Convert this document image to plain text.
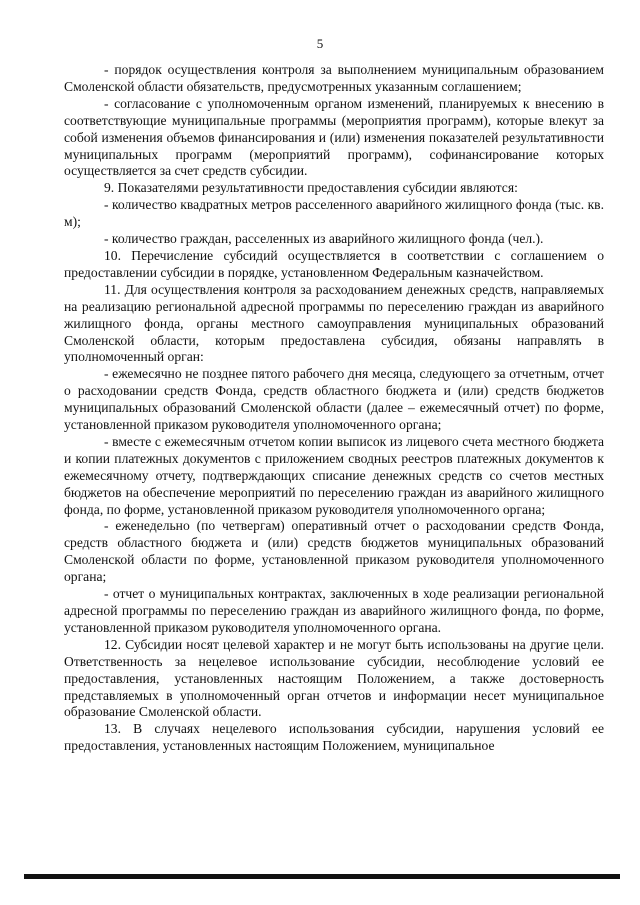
5

- порядок осуществления контроля за выполнением муниципальным образованием Смоленской области обязательств, предусмотренных указанным соглашением;

- согласование с уполномоченным органом изменений, планируемых к внесению в соответствующие муниципальные программы (мероприятия программ), которые влекут за собой изменения объемов финансирования и (или) изменения показателей результативности муниципальных программ (мероприятий программ), софинансирование которых осуществляется за счет средств субсидии.

9. Показателями результативности предоставления субсидии являются:

- количество квадратных метров расселенного аварийного жилищного фонда (тыс. кв. м);

- количество граждан, расселенных из аварийного жилищного фонда (чел.).

10. Перечисление субсидий осуществляется в соответствии с соглашением о предоставлении субсидии в порядке, установленном Федеральным казначейством.

11. Для осуществления контроля за расходованием денежных средств, направляемых на реализацию региональной адресной программы по переселению граждан из аварийного жилищного фонда, органы местного самоуправления муниципальных образований Смоленской области, которым предоставлена субсидия, обязаны направлять в уполномоченный орган:

- ежемесячно не позднее пятого рабочего дня месяца, следующего за отчетным, отчет о расходовании средств Фонда, средств областного бюджета и (или) средств бюджетов муниципальных образований Смоленской области (далее – ежемесячный отчет) по форме, установленной приказом руководителя уполномоченного органа;

- вместе с ежемесячным отчетом копии выписок из лицевого счета местного бюджета и копии платежных документов с приложением сводных реестров платежных документов к ежемесячному отчету, подтверждающих списание денежных средств со счетов местных бюджетов на обеспечение мероприятий по переселению граждан из аварийного жилищного фонда, по форме, установленной приказом руководителя уполномоченного органа;

- еженедельно (по четвергам) оперативный отчет о расходовании средств Фонда, средств областного бюджета и (или) средств бюджетов муниципальных образований Смоленской области по форме, установленной приказом руководителя уполномоченного органа;

- отчет о муниципальных контрактах, заключенных в ходе реализации региональной адресной программы по переселению граждан из аварийного жилищного фонда, по форме, установленной приказом руководителя уполномоченного органа.

12. Субсидии носят целевой характер и не могут быть использованы на другие цели. Ответственность за нецелевое использование субсидии, несоблюдение условий ее предоставления, установленных настоящим Положением, а также достоверность представляемых в уполномоченный орган отчетов и информации несет муниципальное образование Смоленской области.

13. В случаях нецелевого использования субсидии, нарушения условий ее предоставления, установленных настоящим Положением, муниципальное
